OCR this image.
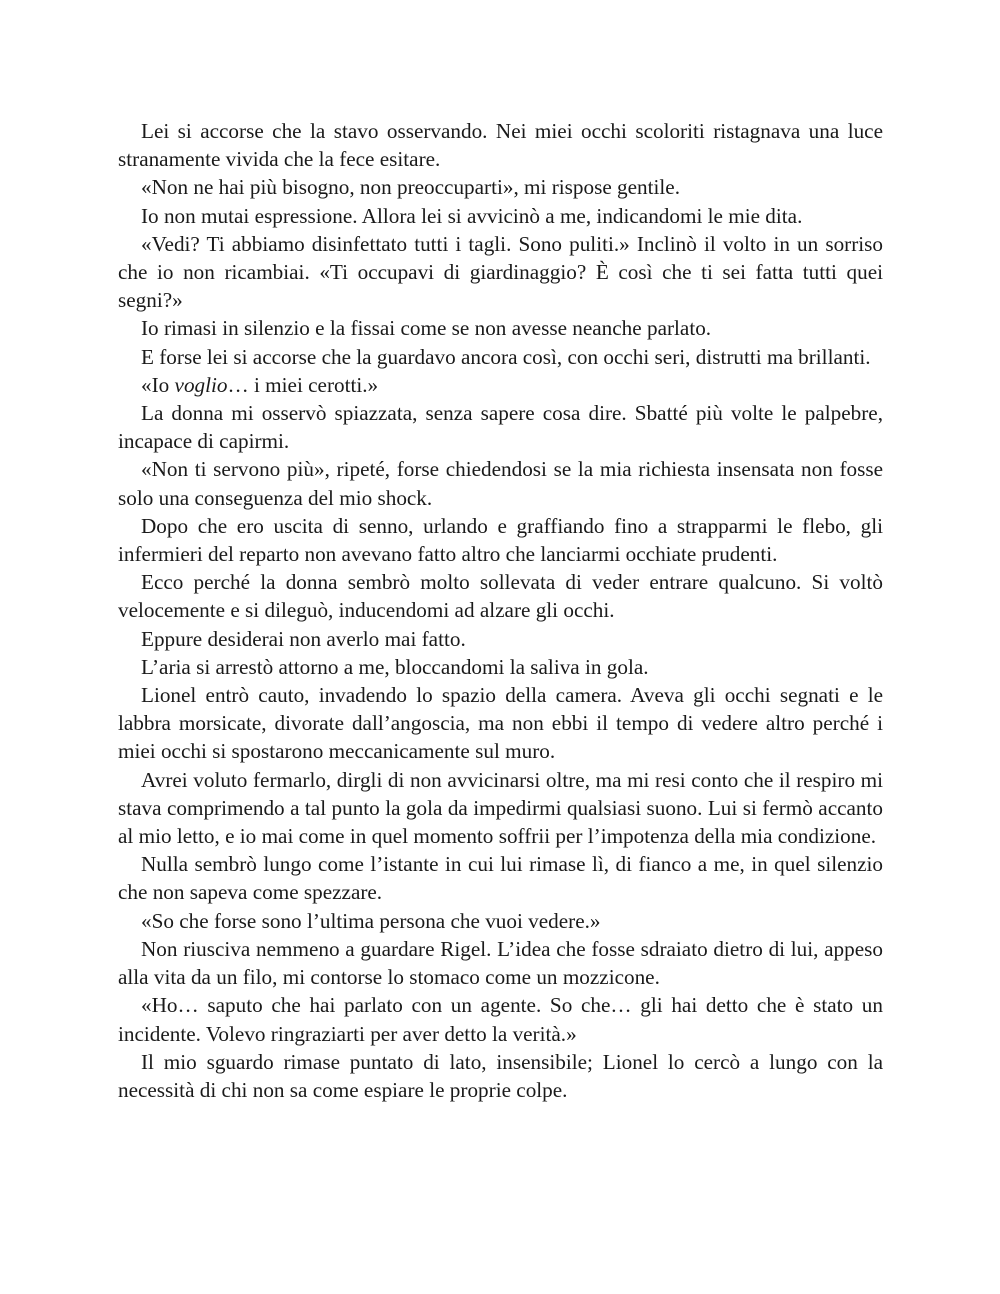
Lei si accorse che la stavo osservando. Nei miei occhi scoloriti ristagnava una luce stranamente vivida che la fece esitare.

«Non ne hai più bisogno, non preoccuparti», mi rispose gentile.

Io non mutai espressione. Allora lei si avvicinò a me, indicandomi le mie dita.

«Vedi? Ti abbiamo disinfettato tutti i tagli. Sono puliti.» Inclinò il volto in un sorriso che io non ricambiai. «Ti occupavi di giardinaggio? È così che ti sei fatta tutti quei segni?»

Io rimasi in silenzio e la fissai come se non avesse neanche parlato.

E forse lei si accorse che la guardavo ancora così, con occhi seri, distrutti ma brillanti.

«Io voglio… i miei cerotti.»

La donna mi osservò spiazzata, senza sapere cosa dire. Sbatté più volte le palpebre, incapace di capirmi.

«Non ti servono più», ripeté, forse chiedendosi se la mia richiesta insensata non fosse solo una conseguenza del mio shock.

Dopo che ero uscita di senno, urlando e graffiando fino a strapparmi le flebo, gli infermieri del reparto non avevano fatto altro che lanciarmi occhiate prudenti.

Ecco perché la donna sembrò molto sollevata di veder entrare qualcuno. Si voltò velocemente e si dileguò, inducendomi ad alzare gli occhi.

Eppure desiderai non averlo mai fatto.

L’aria si arrestò attorno a me, bloccandomi la saliva in gola.

Lionel entrò cauto, invadendo lo spazio della camera. Aveva gli occhi segnati e le labbra morsicate, divorate dall’angoscia, ma non ebbi il tempo di vedere altro perché i miei occhi si spostarono meccanicamente sul muro.

Avrei voluto fermarlo, dirgli di non avvicinarsi oltre, ma mi resi conto che il respiro mi stava comprimendo a tal punto la gola da impedirmi qualsiasi suono. Lui si fermò accanto al mio letto, e io mai come in quel momento soffrii per l’impotenza della mia condizione.

Nulla sembrò lungo come l’istante in cui lui rimase lì, di fianco a me, in quel silenzio che non sapeva come spezzare.

«So che forse sono l’ultima persona che vuoi vedere.»

Non riusciva nemmeno a guardare Rigel. L’idea che fosse sdraiato dietro di lui, appeso alla vita da un filo, mi contorse lo stomaco come un mozzicone.

«Ho… saputo che hai parlato con un agente. So che… gli hai detto che è stato un incidente. Volevo ringraziarti per aver detto la verità.»

Il mio sguardo rimase puntato di lato, insensibile; Lionel lo cercò a lungo con la necessità di chi non sa come espiare le proprie colpe.
